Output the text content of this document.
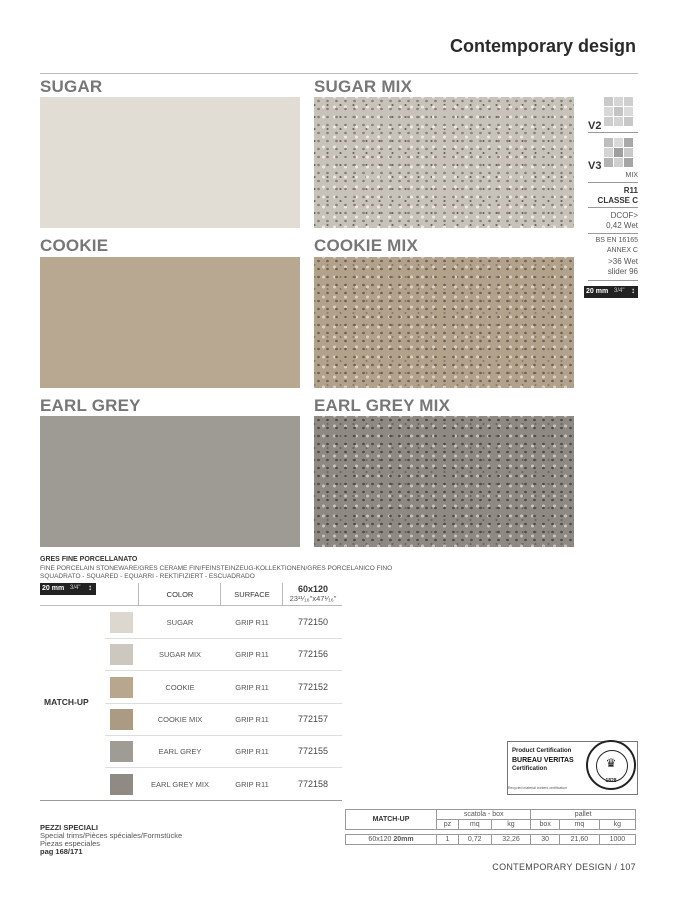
Contemporary design
SUGAR	SUGAR MIX
COOKIE	COOKIE MIX
EARL GREY	EARL GREY MIX
V2
V3
MIX
R11
CLASSE C
DCOF>
0,42 Wet
BS EN 16165
ANNEX C
>36 Wet
slider 96
20 mm 3/4" ↕
GRES FINE PORCELLANATO
FINE PORCELAIN STONEWARE/GRES CERAME FIN/FEINSTEINZEUG-KOLLEKTIONEN/GRES PORCELANICO FINO
SQUADRATO - SQUARED - EQUARRI - REKTIFIZIERT - ESCUADRADO
20 mm 3/4" ↕
COLOR	SURFACE
60x120
23¹¹⁄₁₆"x47¹⁄₁₆"
MATCH-UP
SUGAR	GRIP R11	772150
SUGAR MIX	GRIP R11	772156
COOKIE	GRIP R11	772152
COOKIE MIX	GRIP R11	772157
EARL GREY	GRIP R11	772155
EARL GREY MIX	GRIP R11	772158
Product Certification
BUREAU VERITAS
Certification
Recycled material content certification
♛
1828
PEZZI SPECIALI
Special trims/Pièces spéciales/Formstücke
Piezas especiales
pag 168/171
MATCH-UP	scatola - box			pallet		
	pz	mq	kg	box	mq	kg

60x120 20mm	1	0,72	32,26	30	21,60	1000
CONTEMPORARY DESIGN / 107
